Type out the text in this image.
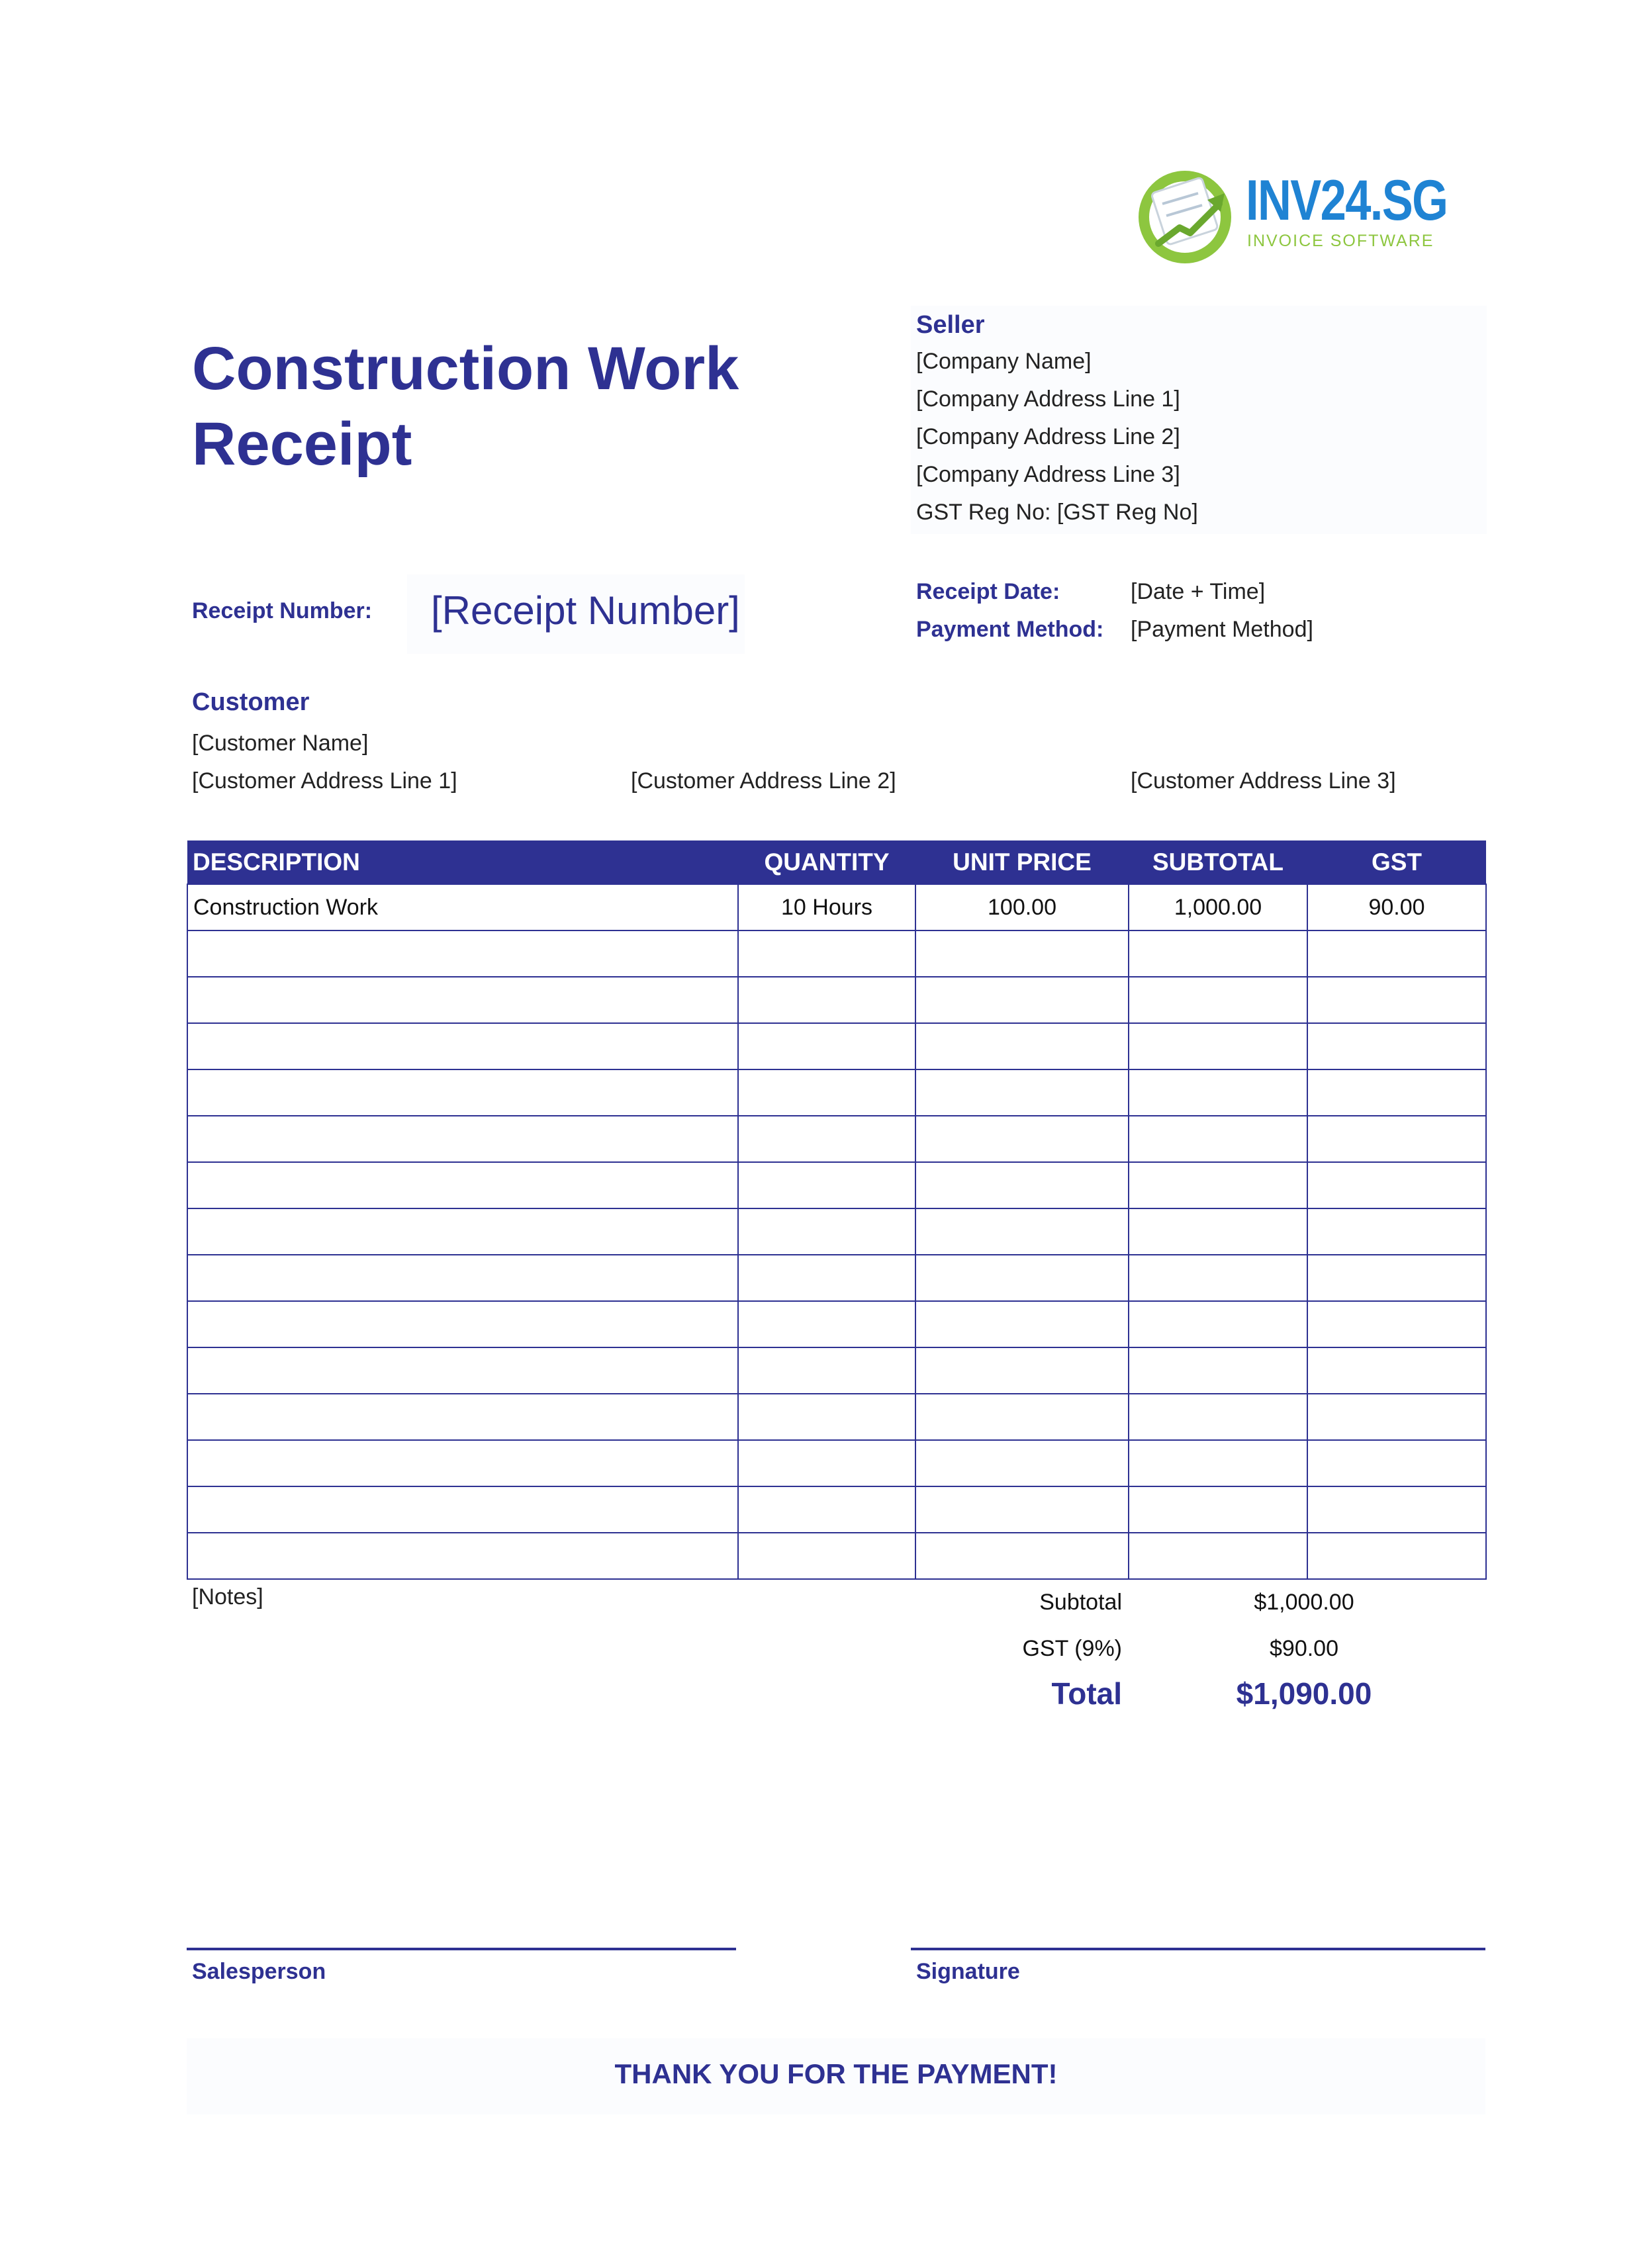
INV24.SG
INVOICE SOFTWARE
Construction Work
Receipt
Seller
[Company Name]
[Company Address Line 1]
[Company Address Line 2]
[Company Address Line 3]
GST Reg No: [GST Reg No]
Receipt Number: [Receipt Number]	Receipt Date:	[Date + Time]
Payment Method: [Payment Method]
Customer
[Customer Name]
[Customer Address Line 1]	[Customer Address Line 2]	[Customer Address Line 3]
DESCRIPTION	QUANTITY	UNIT PRICE	SUBTOTAL	GST
Construction Work	10 Hours	100.00	1,000.00	90.00

[Notes]	Subtotal	$1,000.00
GST (9%)	$90.00
Total	$1,090.00
Salesperson	Signature
THANK YOU FOR THE PAYMENT!
